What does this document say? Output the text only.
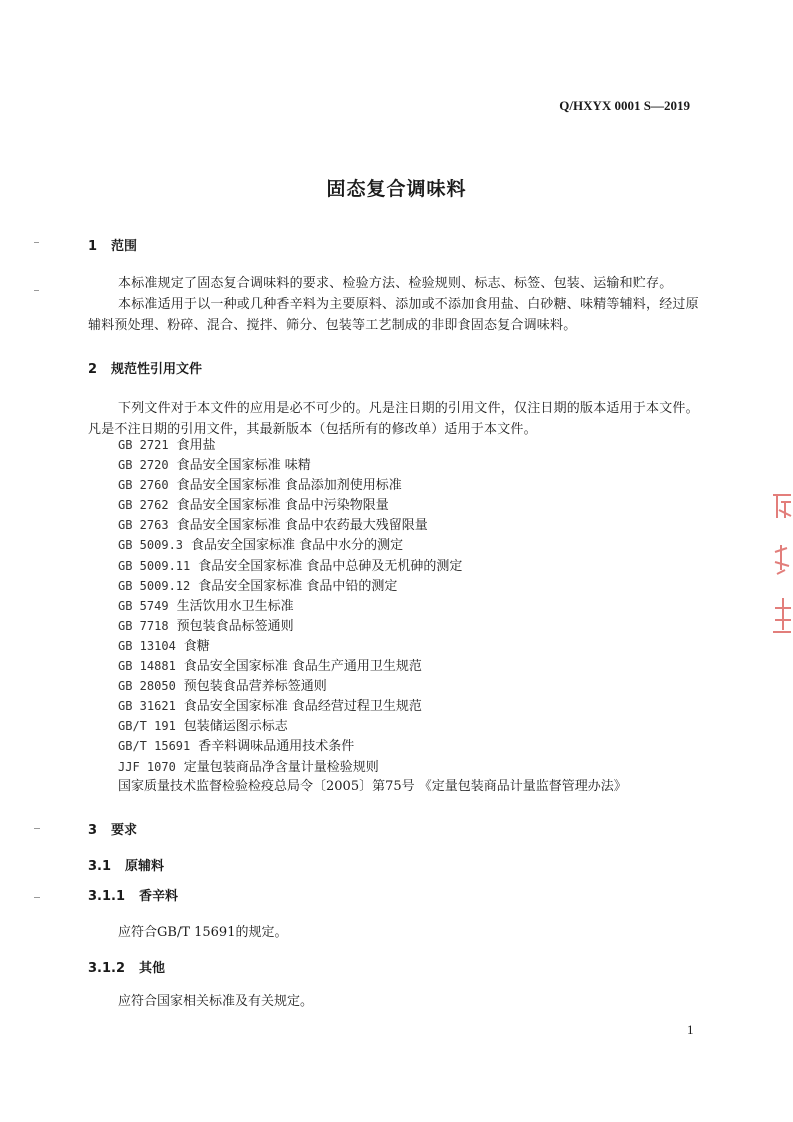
Q/HXYX 0001 S—2019
固态复合调味料
1 范围
本标准规定了固态复合调味料的要求、检验方法、检验规则、标志、标签、包装、运输和贮存。
本标准适用于以一种或几种香辛料为主要原料、添加或不添加食用盐、白砂糖、味精等辅料，经过原辅料预处理、粉碎、混合、搅拌、筛分、包装等工艺制成的非即食固态复合调味料。
2 规范性引用文件
下列文件对于本文件的应用是必不可少的。凡是注日期的引用文件，仅注日期的版本适用于本文件。凡是不注日期的引用文件，其最新版本（包括所有的修改单）适用于本文件。
GB 2721 食用盐
GB 2720 食品安全国家标准 味精
GB 2760 食品安全国家标准 食品添加剂使用标准
GB 2762 食品安全国家标准 食品中污染物限量
GB 2763 食品安全国家标准 食品中农药最大残留限量
GB 5009.3 食品安全国家标准 食品中水分的测定
GB 5009.11 食品安全国家标准 食品中总砷及无机砷的测定
GB 5009.12 食品安全国家标准 食品中铅的测定
GB 5749 生活饮用水卫生标准
GB 7718 预包装食品标签通则
GB 13104 食糖
GB 14881 食品安全国家标准 食品生产通用卫生规范
GB 28050 预包装食品营养标签通则
GB 31621 食品安全国家标准 食品经营过程卫生规范
GB/T 191 包装储运图示标志
GB/T 15691 香辛料调味品通用技术条件
JJF 1070 定量包装商品净含量计量检验规则
国家质量技术监督检验检疫总局令〔2005〕第75号 《定量包装商品计量监督管理办法》
3 要求
3.1 原辅料
3.1.1 香辛料
应符合GB/T 15691的规定。
3.1.2 其他
应符合国家相关标准及有关规定。
1
